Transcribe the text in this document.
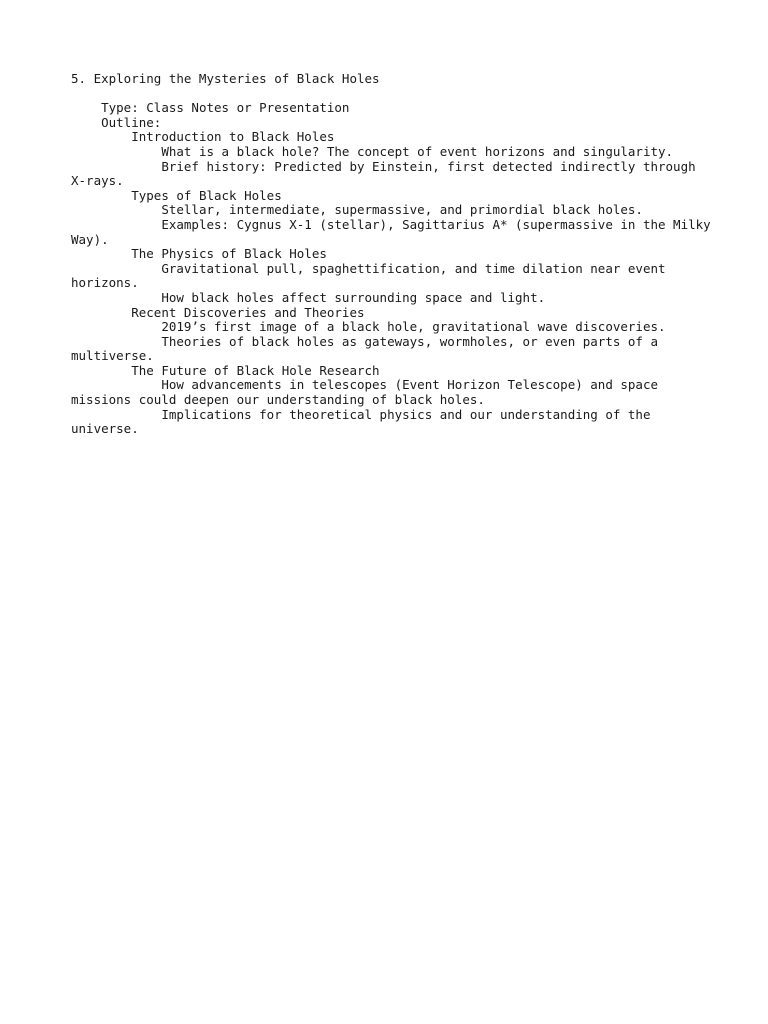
5. Exploring the Mysteries of Black Holes
Type: Class Notes or Presentation
Outline:
Introduction to Black Holes
What is a black hole? The concept of event horizons and singularity.
Brief history: Predicted by Einstein, first detected indirectly through X-rays.
Types of Black Holes
Stellar, intermediate, supermassive, and primordial black holes.
Examples: Cygnus X-1 (stellar), Sagittarius A* (supermassive in the Milky Way).
The Physics of Black Holes
Gravitational pull, spaghettification, and time dilation near event horizons.
How black holes affect surrounding space and light.
Recent Discoveries and Theories
2019’s first image of a black hole, gravitational wave discoveries.
Theories of black holes as gateways, wormholes, or even parts of a multiverse.
The Future of Black Hole Research
How advancements in telescopes (Event Horizon Telescope) and space missions could deepen our understanding of black holes.
Implications for theoretical physics and our understanding of the universe.
